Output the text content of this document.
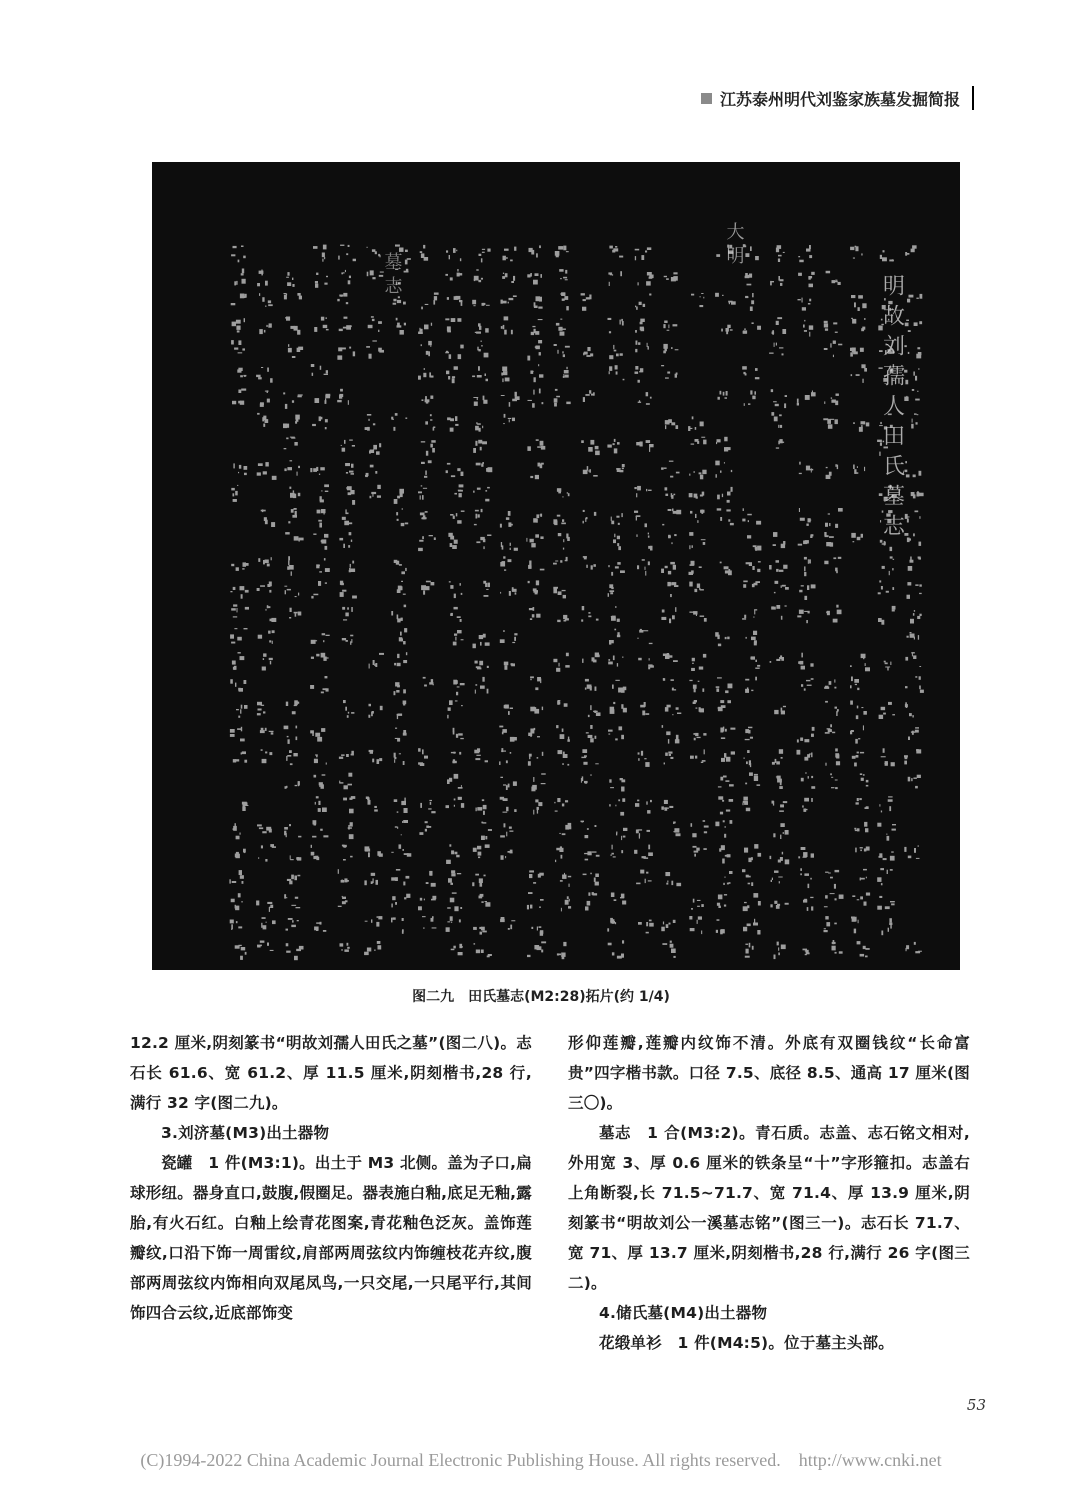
江苏泰州明代刘鉴家族墓发掘简报
明故刘孺人田氏墓志
大明
墓志
图二九　田氏墓志(M2:28)拓片(约 1/4)

12.2 厘米,阴刻篆书“明故刘孺人田氏之墓”(图二八)。志石长 61.6、宽 61.2、厚 11.5 厘米,阴刻楷书,28 行,满行 32 字(图二九)。

3.刘济墓(M3)出土器物

瓷罐　1 件(M3:1)。出土于 M3 北侧。盖为子口,扁球形纽。器身直口,鼓腹,假圈足。器表施白釉,底足无釉,露胎,有火石红。白釉上绘青花图案,青花釉色泛灰。盖饰莲瓣纹,口沿下饰一周雷纹,肩部两周弦纹内饰缠枝花卉纹,腹部两周弦纹内饰相向双尾凤鸟,一只交尾,一只尾平行,其间饰四合云纹,近底部饰变

形仰莲瓣,莲瓣内纹饰不清。外底有双圈钱纹“长命富贵”四字楷书款。口径 7.5、底径 8.5、通高 17 厘米(图三〇)。

墓志　1 合(M3:2)。青石质。志盖、志石铭文相对,外用宽 3、厚 0.6 厘米的铁条呈“十”字形箍扣。志盖右上角断裂,长 71.5~71.7、宽 71.4、厚 13.9 厘米,阴刻篆书“明故刘公一溪墓志铭”(图三一)。志石长 71.7、宽 71、厚 13.7 厘米,阴刻楷书,28 行,满行 26 字(图三二)。

4.储氏墓(M4)出土器物

花缎单衫　1 件(M4:5)。位于墓主头部。

53
(C)1994-2022 China Academic Journal Electronic Publishing House. All rights reserved.　http://www.cnki.net
